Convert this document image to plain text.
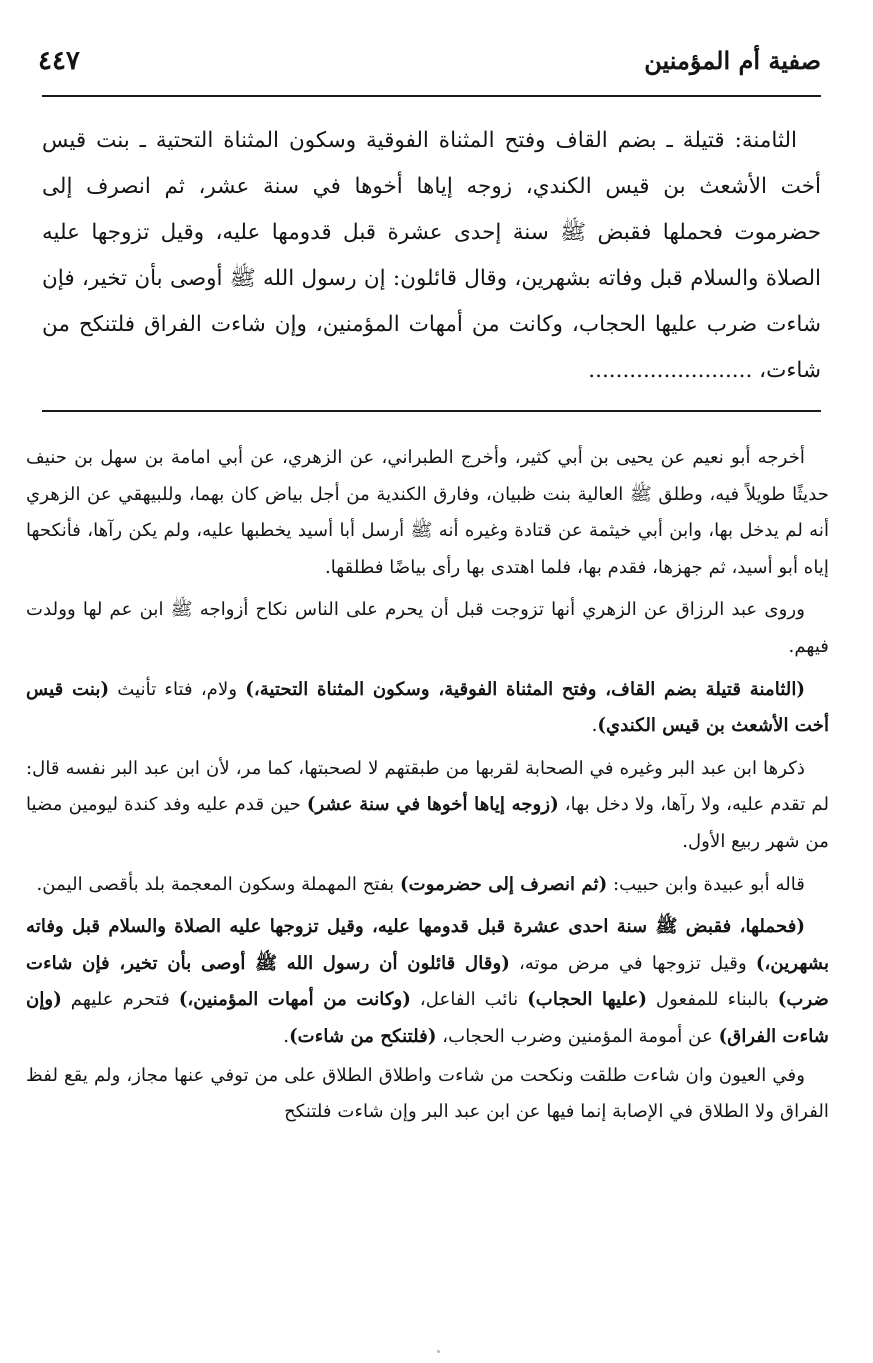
صفية أم المؤمنين
٤٤٧

الثامنة: قتيلة ـ بضم القاف وفتح المثناة الفوقية وسكون المثناة التحتية ـ بنت قيس أخت الأشعث بن قيس الكندي، زوجه إياها أخوها في سنة عشر، ثم انصرف إلى حضرموت فحملها فقبض ﷺ سنة إحدى عشرة قبل قدومها عليه، وقيل تزوجها عليه الصلاة والسلام قبل وفاته بشهرين، وقال قائلون: إن رسول الله ﷺ أوصى بأن تخير، فإن شاءت ضرب عليها الحجاب، وكانت من أمهات المؤمنين، وإن شاءت الفراق فلتنكح من شاءت، ........................

أخرجه أبو نعيم عن يحيى بن أبي كثير، وأخرج الطبراني، عن الزهري، عن أبي امامة بن سهل بن حنيف حديثًا طويلاً فيه، وطلق ﷺ العالية بنت ظبيان، وفارق الكندية من أجل بياض كان بهما، وللبيهقي عن الزهري أنه لم يدخل بها، وابن أبي خيثمة عن قتادة وغيره أنه ﷺ أرسل أبا أسيد يخطبها عليه، ولم يكن رآها، فأنكحها إياه أبو أسيد، ثم جهزها، فقدم بها، فلما اهتدى بها رأى بياضًا فطلقها.

وروى عبد الرزاق عن الزهري أنها تزوجت قبل أن يحرم على الناس نكاح أزواجه ﷺ ابن عم لها وولدت فيهم.

(الثامنة قتيلة بضم القاف، وفتح المثناة الفوقية، وسكون المثناة التحتية،) ولام، فتاء تأنيث (بنت قيس أخت الأشعث بن قيس الكندي).

ذكرها ابن عبد البر وغيره في الصحابة لقربها من طبقتهم لا لصحبتها، كما مر، لأن ابن عبد البر نفسه قال: لم تقدم عليه، ولا رآها، ولا دخل بها، (زوجه إياها أخوها في سنة عشر) حين قدم عليه وفد كندة ليومين مضيا من شهر ربيع الأول.

قاله أبو عبيدة وابن حبيب: (ثم انصرف إلى حضرموت) بفتح المهملة وسكون المعجمة بلد بأقصى اليمن.

(فحملها، فقبض ﷺ سنة احدى عشرة قبل قدومها عليه، وقيل تزوجها عليه الصلاة والسلام قبل وفاته بشهرين،) وقيل تزوجها في مرض موته، (وقال قائلون أن رسول الله ﷺ أوصى بأن تخير، فإن شاءت ضرب) بالبناء للمفعول (عليها الحجاب) نائب الفاعل، (وكانت من أمهات المؤمنين،) فتحرم عليهم (وإن شاءت الفراق) عن أمومة المؤمنين وضرب الحجاب، (فلتنكح من شاءت).

وفي العيون وان شاءت طلقت ونكحت من شاءت واطلاق الطلاق على من توفي عنها مجاز، ولم يقع لفظ الفراق ولا الطلاق في الإصابة إنما فيها عن ابن عبد البر وإن شاءت فلتنكح
